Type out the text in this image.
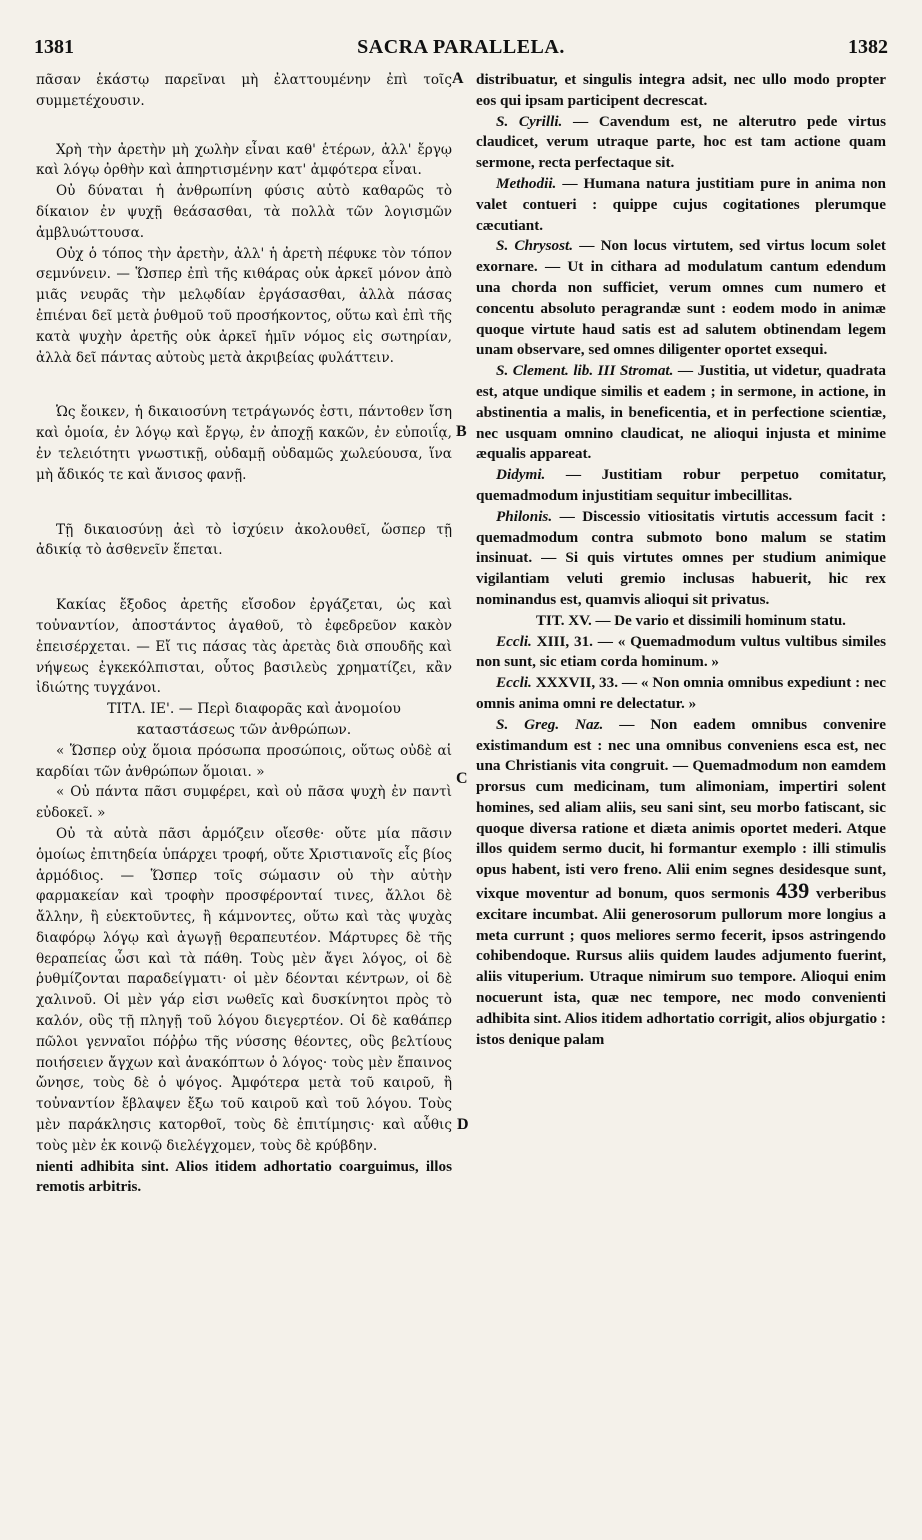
1381	SACRA PARALLELA.	1382
A
B
C
D

πᾶσαν ἑκάστῳ παρεῖναι μὴ ἐλαττουμένην ἐπὶ τοῖς συμμετέχουσιν.

Χρὴ τὴν ἀρετὴν μὴ χωλὴν εἶναι καθ' ἑτέρων, ἀλλ' ἔργῳ καὶ λόγῳ ὀρθὴν καὶ ἀπηρτισμένην κατ' ἀμφότερα εἶναι.

Οὐ δύναται ἡ ἀνθρωπίνη φύσις αὐτὸ καθαρῶς τὸ δίκαιον ἐν ψυχῇ θεάσασθαι, τὰ πολλὰ τῶν λογισμῶν ἀμβλυώττουσα.

Οὐχ ὁ τόπος τὴν ἀρετὴν, ἀλλ' ἡ ἀρετὴ πέφυκε τὸν τόπον σεμνύνειν. — Ὥσπερ ἐπὶ τῆς κιθάρας οὐκ ἀρκεῖ μόνον ἀπὸ μιᾶς νευρᾶς τὴν μελῳδίαν ἐργάσασθαι, ἀλλὰ πάσας ἐπιέναι δεῖ μετὰ ῥυθμοῦ τοῦ προσήκοντος, οὕτω καὶ ἐπὶ τῆς κατὰ ψυχὴν ἀρετῆς οὐκ ἀρκεῖ ἡμῖν νόμος εἰς σωτηρίαν, ἀλλὰ δεῖ πάντας αὐτοὺς μετὰ ἀκριβείας φυλάττειν.

Ὡς ἔοικεν, ἡ δικαιοσύνη τετράγωνός ἐστι, πάντοθεν ἴση καὶ ὁμοία, ἐν λόγῳ καὶ ἔργῳ, ἐν ἀποχῇ κακῶν, ἐν εὐποιΐᾳ, ἐν τελειότητι γνωστικῇ, οὐδαμῇ οὐδαμῶς χωλεύουσα, ἵνα μὴ ἄδικός τε καὶ ἄνισος φανῇ.

Τῇ δικαιοσύνῃ ἀεὶ τὸ ἰσχύειν ἀκολουθεῖ, ὥσπερ τῇ ἀδικίᾳ τὸ ἀσθενεῖν ἕπεται.

Κακίας ἔξοδος ἀρετῆς εἴσοδον ἐργάζεται, ὡς καὶ τοὐναντίον, ἀποστάντος ἀγαθοῦ, τὸ ἐφεδρεῦον κακὸν ἐπεισέρχεται. — Εἴ τις πάσας τὰς ἀρετὰς διὰ σπουδῆς καὶ νήψεως ἐγκεκόλπισται, οὗτος βασιλεὺς χρηματίζει, κἂν ἰδιώτης τυγχάνοι.

ΤΙΤΛ. ΙΕ'. — Περὶ διαφορᾶς καὶ ἀνομοίου καταστάσεως τῶν ἀνθρώπων.

« Ὥσπερ οὐχ ὅμοια πρόσωπα προσώποις, οὕτως οὐδὲ αἱ καρδίαι τῶν ἀνθρώπων ὅμοιαι. »

« Οὐ πάντα πᾶσι συμφέρει, καὶ οὐ πᾶσα ψυχὴ ἐν παντὶ εὐδοκεῖ. »

Οὐ τὰ αὐτὰ πᾶσι ἁρμόζειν οἴεσθε· οὔτε μία πᾶσιν ὁμοίως ἐπιτηδεία ὑπάρχει τροφή, οὔτε Χριστιανοῖς εἷς βίος ἁρμόδιος. — Ὥσπερ τοῖς σώμασιν οὐ τὴν αὐτὴν φαρμακείαν καὶ τροφὴν προσφέρονταί τινες, ἄλλοι δὲ ἄλλην, ἢ εὐεκτοῦντες, ἢ κάμνοντες, οὕτω καὶ τὰς ψυχὰς διαφόρῳ λόγῳ καὶ ἀγωγῇ θεραπευτέον. Μάρτυρες δὲ τῆς θεραπείας ὧσι καὶ τὰ πάθη. Τοὺς μὲν ἄγει λόγος, οἱ δὲ ῥυθμίζονται παραδείγματι· οἱ μὲν δέονται κέντρων, οἱ δὲ χαλινοῦ. Οἱ μὲν γάρ εἰσι νωθεῖς καὶ δυσκίνητοι πρὸς τὸ καλόν, οὓς τῇ πληγῇ τοῦ λόγου διεγερτέον. Οἱ δὲ καθάπερ πῶλοι γενναῖοι πόῤῥω τῆς νύσσης θέοντες, οὓς βελτίους ποιήσειεν ἄγχων καὶ ἀνακόπτων ὁ λόγος· τοὺς μὲν ἔπαινος ὤνησε, τοὺς δὲ ὁ ψόγος. Ἀμφότερα μετὰ τοῦ καιροῦ, ἢ τοὐναντίον ἔβλαψεν ἔξω τοῦ καιροῦ καὶ τοῦ λόγου. Τοὺς μὲν παράκλησις κατορθοῖ, τοὺς δὲ ἐπιτίμησις· καὶ αὖθις τοὺς μὲν ἐκ κοινῷ διελέγχομεν, τοὺς δὲ κρύβδην.

nienti adhibita sint. Alios itidem adhortatio coarguimus, illos remotis arbitris.

distribuatur, et singulis integra adsit, nec ullo modo propter eos qui ipsam participent decrescat.

S. Cyrilli. — Cavendum est, ne alterutro pede virtus claudicet, verum utraque parte, hoc est tam actione quam sermone, recta perfectaque sit.

Methodii. — Humana natura justitiam pure in anima non valet contueri : quippe cujus cogitationes plerumque cæcutiant.

S. Chrysost. — Non locus virtutem, sed virtus locum solet exornare. — Ut in cithara ad modulatum cantum edendum una chorda non sufficiet, verum omnes cum numero et concentu absoluto peragrandæ sunt : eodem modo in animæ quoque virtute haud satis est ad salutem obtinendam legem unam observare, sed omnes diligenter oportet exsequi.

S. Clement. lib. III Stromat. — Justitia, ut videtur, quadrata est, atque undique similis et eadem ; in sermone, in actione, in abstinentia a malis, in beneficentia, et in perfectione scientiæ, nec usquam omnino claudicat, ne alioqui injusta et minime æqualis appareat.

Didymi. — Justitiam robur perpetuo comitatur, quemadmodum injustitiam sequitur imbecillitas.

Philonis. — Discessio vitiositatis virtutis accessum facit : quemadmodum contra submoto bono malum se statim insinuat. — Si quis virtutes omnes per studium animique vigilantiam veluti gremio inclusas habuerit, hic rex nominandus est, quamvis alioqui sit privatus.

TIT. XV. — De vario et dissimili hominum statu.

Eccli. XIII, 31. — « Quemadmodum vultus vultibus similes non sunt, sic etiam corda hominum. »

Eccli. XXXVII, 33. — « Non omnia omnibus expediunt : nec omnis anima omni re delectatur. »

S. Greg. Naz. — Non eadem omnibus convenire existimandum est : nec una omnibus conveniens esca est, nec una Christianis vita congruit. — Quemadmodum non eamdem prorsus cum medicinam, tum alimoniam, impertiri solent homines, sed aliam aliis, seu sani sint, seu morbo fatiscant, sic quoque diversa ratione et diæta animis oportet mederi. Atque illos quidem sermo ducit, hi formantur exemplo : illi stimulis opus habent, isti vero freno. Alii enim segnes desidesque sunt, vixque moventur ad bonum, quos sermonis 439 verberibus excitare incumbat. Alii generosorum pullorum more longius a meta currunt ; quos meliores sermo fecerit, ipsos astringendo cohibendoque. Rursus aliis quidem laudes adjumento fuerint, aliis vituperium. Utraque nimirum suo tempore. Alioqui enim nocuerunt ista, quæ nec tempore, nec modo convenienti adhibita sint. Alios itidem adhortatio corrigit, alios objurgatio : istos denique palam
